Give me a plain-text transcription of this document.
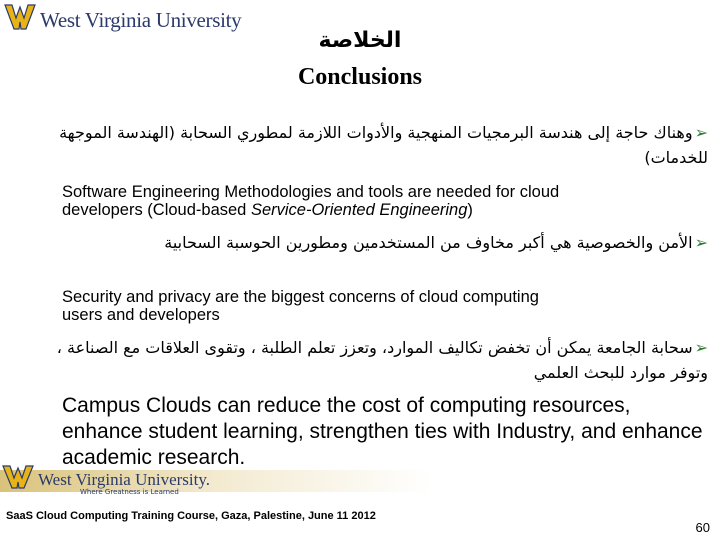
West Virginia University
الخلاصة
Conclusions
➢وهناك حاجة إلى هندسة البرمجيات المنهجية والأدوات اللازمة لمطوري السحابة (الهندسة الموجهة للخدمات)
Software Engineering Methodologies and tools are needed for cloud
developers (Cloud-based Service-Oriented Engineering)
➢الأمن والخصوصية هي أكبر مخاوف من المستخدمين ومطورين الحوسبة السحابية
Security and privacy are the biggest concerns of cloud computing
users and developers
➢سحابة الجامعة يمكن أن تخفض تكاليف الموارد، وتعزز تعلم الطلبة ، وتقوى العلاقات مع الصناعة ، وتوفر موارد للبحث العلمي
Campus Clouds can reduce the cost of computing resources, enhance student learning, strengthen ties with Industry, and enhance academic research.
West Virginia University.
Where Greatness is Learned
SaaS Cloud Computing Training Course, Gaza, Palestine, June 11 2012
60
